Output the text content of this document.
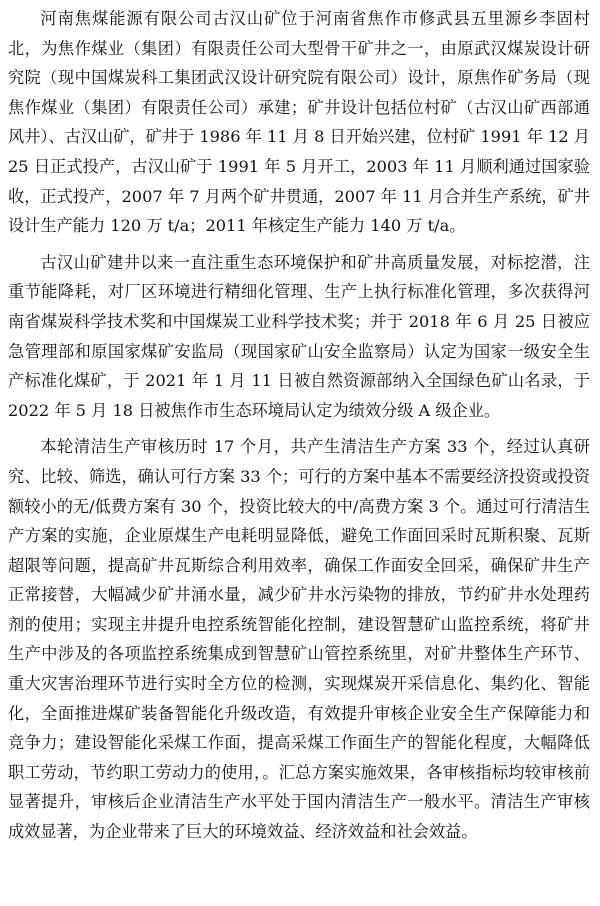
河南焦煤能源有限公司古汉山矿位于河南省焦作市修武县五里源乡李固村北，为焦作煤业（集团）有限责任公司大型骨干矿井之一，由原武汉煤炭设计研究院（现中国煤炭科工集团武汉设计研究院有限公司）设计，原焦作矿务局（现焦作煤业（集团）有限责任公司）承建；矿井设计包括位村矿（古汉山矿西部通风井）、古汉山矿，矿井于 1986 年 11 月 8 日开始兴建，位村矿 1991 年 12 月 25 日正式投产，古汉山矿于 1991 年 5 月开工，2003 年 11 月顺利通过国家验收，正式投产，2007 年 7 月两个矿井贯通，2007 年 11 月合并生产系统，矿井设计生产能力 120 万 t/a；2011 年核定生产能力 140 万 t/a。

古汉山矿建井以来一直注重生态环境保护和矿井高质量发展，对标挖潜，注重节能降耗，对厂区环境进行精细化管理、生产上执行标准化管理，多次获得河南省煤炭科学技术奖和中国煤炭工业科学技术奖；并于 2018 年 6 月 25 日被应急管理部和原国家煤矿安监局（现国家矿山安全监察局）认定为国家一级安全生产标准化煤矿，于 2021 年 1 月 11 日被自然资源部纳入全国绿色矿山名录，于 2022 年 5 月 18 日被焦作市生态环境局认定为绩效分级 A 级企业。

本轮清洁生产审核历时 17 个月，共产生清洁生产方案 33 个，经过认真研究、比较、筛选，确认可行方案 33 个；可行的方案中基本不需要经济投资或投资额较小的无/低费方案有 30 个，投资比较大的中/高费方案 3 个。通过可行清洁生产方案的实施，企业原煤生产电耗明显降低，避免工作面回采时瓦斯积聚、瓦斯超限等问题，提高矿井瓦斯综合利用效率，确保工作面安全回采，确保矿井生产正常接替，大幅减少矿井涌水量，减少矿井水污染物的排放，节约矿井水处理药剂的使用；实现主井提升电控系统智能化控制，建设智慧矿山监控系统，将矿井生产中涉及的各项监控系统集成到智慧矿山管控系统里，对矿井整体生产环节、重大灾害治理环节进行实时全方位的检测，实现煤炭开采信息化、集约化、智能化，全面推进煤矿装备智能化升级改造，有效提升审核企业安全生产保障能力和竞争力；建设智能化采煤工作面，提高采煤工作面生产的智能化程度，大幅降低职工劳动，节约职工劳动力的使用，。汇总方案实施效果，各审核指标均较审核前显著提升，审核后企业清洁生产水平处于国内清洁生产一般水平。清洁生产审核成效显著，为企业带来了巨大的环境效益、经济效益和社会效益。
